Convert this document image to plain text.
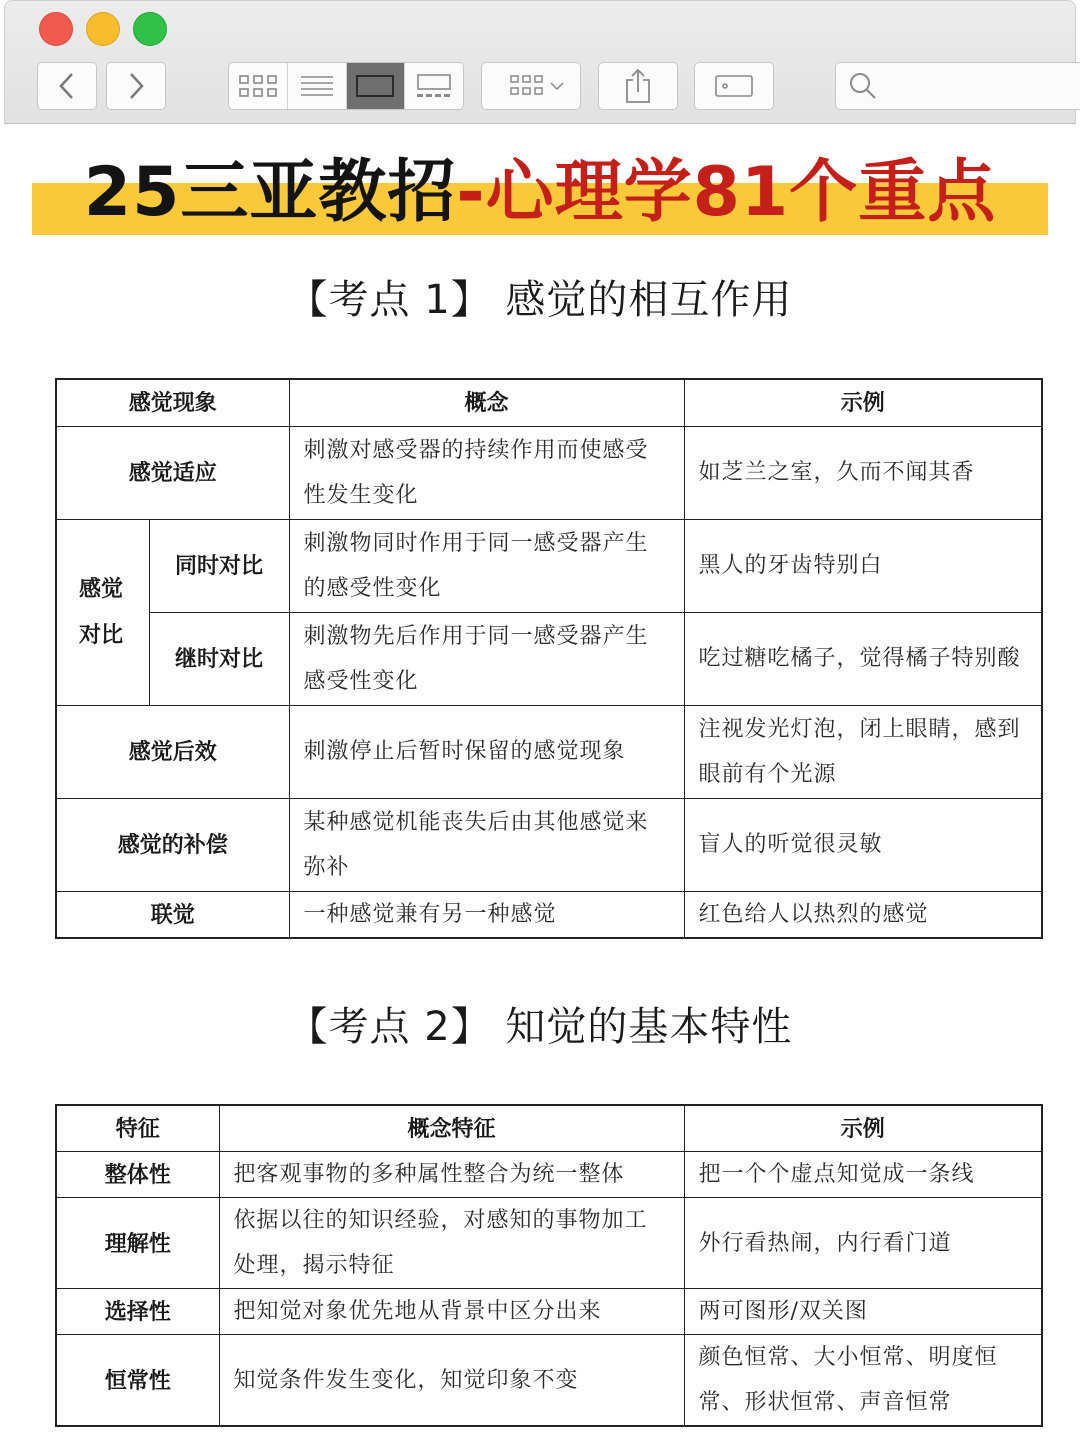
25三亚教招-心理学81个重点
【考点 1】 感觉的相互作用
感觉现象		概念	示例
感觉适应		刺激对感受器的持续作用而使感受性发生变化	如芝兰之室，久而不闻其香
感觉对比	同时对比	刺激物同时作用于同一感受器产生的感受性变化	黑人的牙齿特别白
	继时对比	刺激物先后作用于同一感受器产生感受性变化	吃过糖吃橘子，觉得橘子特别酸
感觉后效		刺激停止后暂时保留的感觉现象	注视发光灯泡，闭上眼睛，感到眼前有个光源
感觉的补偿		某种感觉机能丧失后由其他感觉来弥补	盲人的听觉很灵敏
联觉		一种感觉兼有另一种感觉	红色给人以热烈的感觉
【考点 2】 知觉的基本特性
特征	概念特征	示例
整体性	把客观事物的多种属性整合为统一整体	把一个个虚点知觉成一条线
理解性	依据以往的知识经验，对感知的事物加工处理，揭示特征	外行看热闹，内行看门道
选择性	把知觉对象优先地从背景中区分出来	两可图形/双关图
恒常性	知觉条件发生变化，知觉印象不变	颜色恒常、大小恒常、明度恒常、形状恒常、声音恒常
